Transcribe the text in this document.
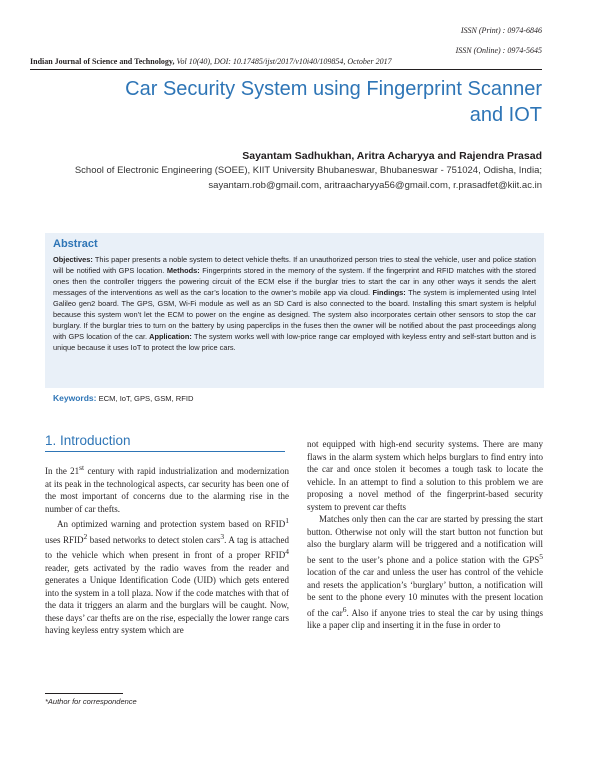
ISSN (Print) : 0974-6846
ISSN (Online) : 0974-5645
Indian Journal of Science and Technology, Vol 10(40), DOI: 10.17485/ijst/2017/v10i40/109854, October 2017
Car Security System using Fingerprint Scanner
and IOT
Sayantam Sadhukhan, Aritra Acharyya and Rajendra Prasad

School of Electronic Engineering (SOEE), KIIT University Bhubaneswar, Bhubaneswar - 751024, Odisha, India;

sayantam.rob@gmail.com, aritraacharyya56@gmail.com, r.prasadfet@kiit.ac.in

Abstract

Objectives: This paper presents a noble system to detect vehicle thefts. If an unauthorized person tries to steal the vehicle, user and police station will be notified with GPS location. Methods: Fingerprints stored in the memory of the system. If the fingerprint and RFID matches with the stored ones then the controller triggers the powering circuit of the ECM else if the burglar tries to start the car in any other ways it sends the alert messages of the interventions as well as the car’s location to the owner’s mobile app via cloud. Findings: The system is implemented using Intel Galileo gen2 board. The GPS, GSM, Wi-Fi module as well as an SD Card is also connected to the board. Installing this smart system is helpful because this system won’t let the ECM to power on the engine as designed. The system also incorporates certain other sensors to stop the car burglary. If the burglar tries to turn on the battery by using paperclips in the fuses then the owner will be notified about the past proceedings along with GPS location of the car. Application: The system works well with low-price range car employed with keyless entry and self-start button and is unique because it uses IoT to protect the low price cars.

Keywords: ECM, IoT, GPS, GSM, RFID
1. Introduction

In the 21st century with rapid industrialization and modernization at its peak in the technological aspects, car security has been one of the most important of concerns due to the alarming rise in the number of car thefts.

An optimized warning and protection system based on RFID$^1$ uses RFID$^2$ based networks to detect stolen cars$^3$. A tag is attached to the vehicle which when present in front of a proper RFID$^4$ reader, gets activated by the radio waves from the reader and generates a Unique Identification Code (UID) which gets entered into the system in a toll plaza. Now if the code matches with that of the data it triggers an alarm and the burglars will be caught. Now, these days’ car thefts are on the rise, especially the lower range cars having keyless entry system which are

not equipped with high-end security systems. There are many flaws in the alarm system which helps burglars to find entry into the car and once stolen it becomes a tough task to locate the vehicle. In an attempt to find a solution to this problem we are proposing a novel method of the fingerprint-based security system to prevent car thefts

Matches only then can the car are started by pressing the start button. Otherwise not only will the start button not function but also the burglary alarm will be triggered and a notification will be sent to the user’s phone and a police station with the GPS$^5$ location of the car and unless the user has control of the vehicle and resets the application’s ‘burglary’ button, a notification will be sent to the phone every 10 minutes with the present location of the car$^6$. Also if anyone tries to steal the car by using things like a paper clip and inserting it in the fuse in order to

*Author for correspondence
